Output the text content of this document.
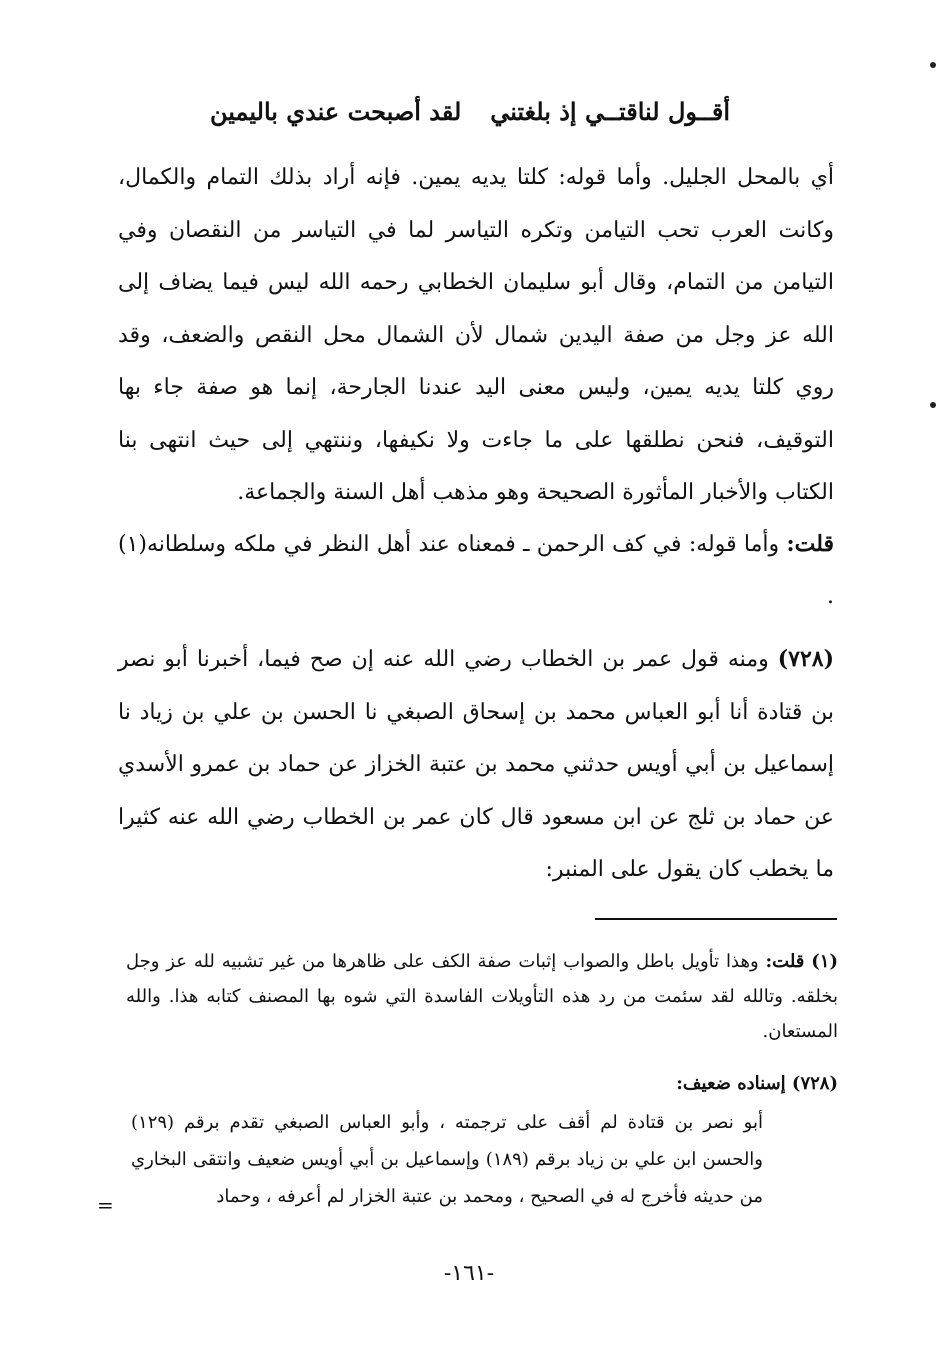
أقــول لناقتــي إذ بلغتني
لقد أصبحت عندي باليمين

أي بالمحل الجليل. وأما قوله: كلتا يديه يمين. فإنه أراد بذلك التمام والكمال، وكانت العرب تحب التيامن وتكره التياسر لما في التياسر من النقصان وفي التيامن من التمام، وقال أبو سليمان الخطابي رحمه الله ليس فيما يضاف إلى الله عز وجل من صفة اليدين شمال لأن الشمال محل النقص والضعف، وقد روي كلتا يديه يمين، وليس معنى اليد عندنا الجارحة، إنما هو صفة جاء بها التوقيف، فنحن نطلقها على ما جاءت ولا نكيفها، وننتهي إلى حيث انتهى بنا الكتاب والأخبار المأثورة الصحيحة وهو مذهب أهل السنة والجماعة.

قلت: وأما قوله: في كف الرحمن ـ فمعناه عند أهل النظر في ملكه وسلطانه(١) .

(٧٢٨) ومنه قول عمر بن الخطاب رضي الله عنه إن صح فيما، أخبرنا أبو نصر بن قتادة أنا أبو العباس محمد بن إسحاق الصبغي نا الحسن بن علي بن زياد نا إسماعيل بن أبي أويس حدثني محمد بن عتبة الخزاز عن حماد بن عمرو الأسدي عن حماد بن ثلج عن ابن مسعود قال كان عمر بن الخطاب رضي الله عنه كثيرا ما يخطب كان يقول على المنبر:

(١) قلت: وهذا تأويل باطل والصواب إثبات صفة الكف على ظاهرها من غير تشبيه لله عز وجل بخلقه. وتالله لقد سئمت من رد هذه التأويلات الفاسدة التي شوه بها المصنف كتابه هذا. والله المستعان.

(٧٢٨) إسناده ضعيف:

أبو نصر بن قتادة لم أقف على ترجمته ، وأبو العباس الصبغي تقدم برقم (١٢٩) والحسن ابن علي بن زياد برقم (١٨٩) وإسماعيل بن أبي أويس ضعيف وانتقى البخاري من حديثه فأخرج له في الصحيح ، ومحمد بن عتبة الخزار لم أعرفه ، وحماد

=
-١٦١-
